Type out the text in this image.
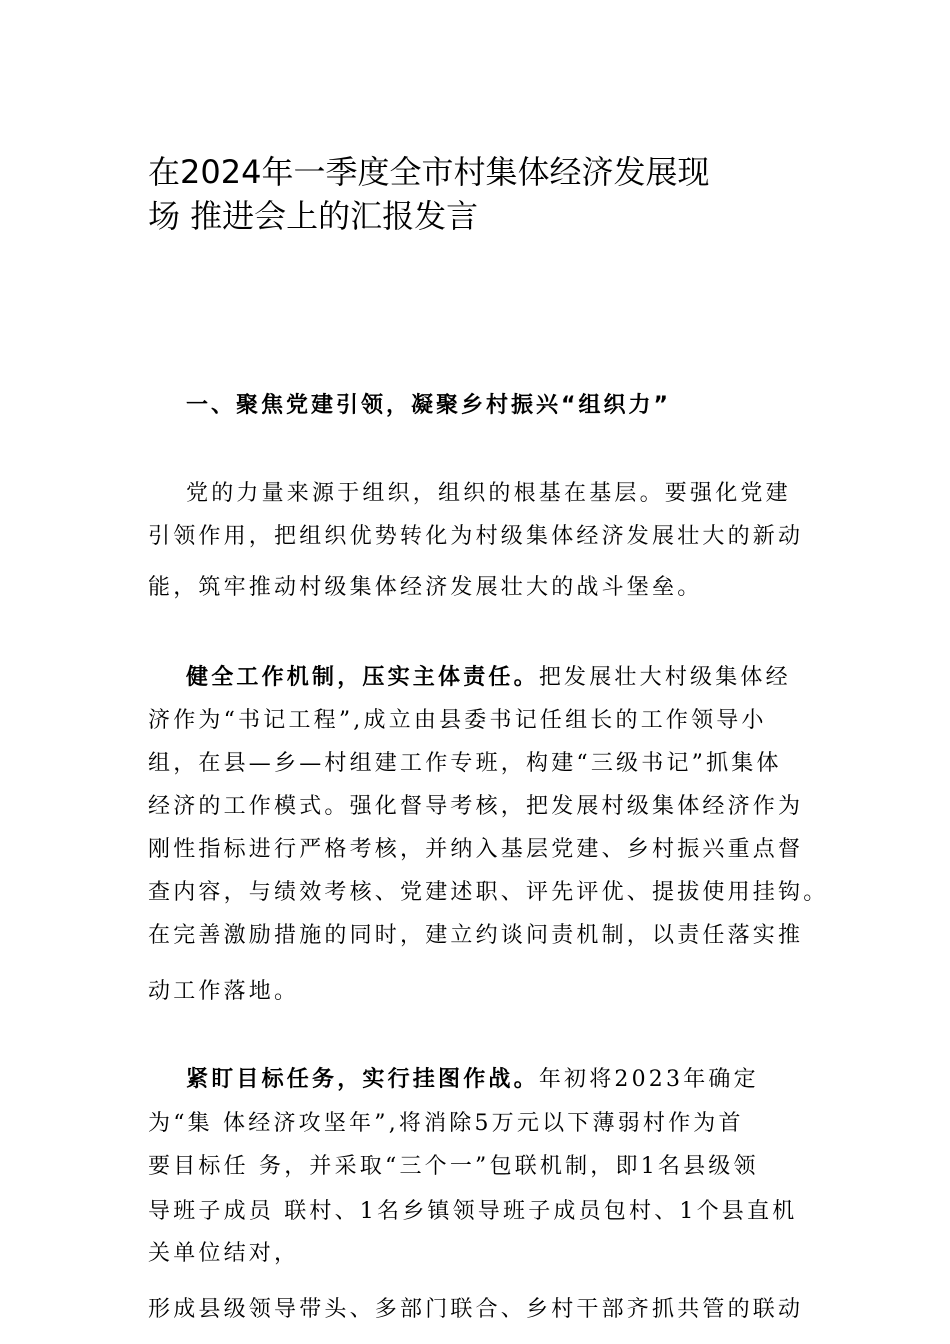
在2024年一季度全市村集体经济发展现
场 推进会上的汇报发言

一、聚焦党建引领，凝聚乡村振兴“组织力”

党的力量来源于组织，组织的根基在基层。要强化党建

引领作用，把组织优势转化为村级集体经济发展壮大的新动

能，筑牢推动村级集体经济发展壮大的战斗堡垒。

健全工作机制，压实主体责任。把发展壮大村级集体经

济作为“书记工程”,成立由县委书记任组长的工作领导小

组，在县—乡—村组建工作专班，构建“三级书记”抓集体

经济的工作模式。强化督导考核，把发展村级集体经济作为

刚性指标进行严格考核，并纳入基层党建、乡村振兴重点督

查内容，与绩效考核、党建述职、评先评优、提拔使用挂钩。

在完善激励措施的同时，建立约谈问责机制，以责任落实推

动工作落地。

紧盯目标任务，实行挂图作战。年初将2023年确定

为“集 体经济攻坚年”,将消除5万元以下薄弱村作为首

要目标任 务，并采取“三个一”包联机制，即1名县级领

导班子成员 联村、1名乡镇领导班子成员包村、1个县直机

关单位结对，

形成县级领导带头、多部门联合、乡村干部齐抓共管的联动
